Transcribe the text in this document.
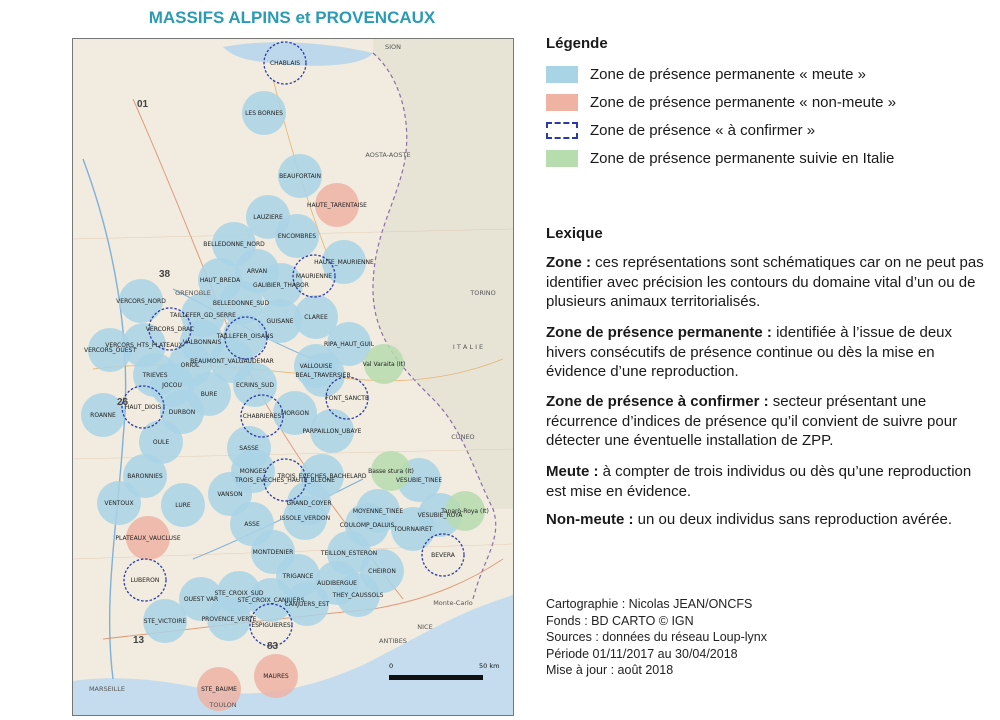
MASSIFS ALPINS et PROVENCAUX
LES BORNES
BEAUFORTAIN
LAUZIERE
ENCOMBRES
BELLEDONNE_NORD
HAUTE_MAURIENNE
HAUT_BREDA
ARVAN
GALIBIER_THABOR
BELLEDONNE_SUD
VERCORS_NORD
TAILLEFER_GD_SERRE
GUISANE
CLAREE
VERCORS_HTS_PLATEAUX VALBONNAIS
TAILLEFER_OISANS
VERCORS_OUEST
RIPA_HAUT_GUIL
ORIOL
BEAUMONT_VALGAUDEMAR
VALLOUISE
TRIEVES	BEAL_TRAVERSIER
JOCOU	ECRINS_SUD
BURE
DURBON
ROANNE	MORGON
PARPAILLON_UBAYE
OULE
SASSE
BARONNIES
MONGES
TROIS_EVECHES_BACHELARD
VESUBIE_TINEE
LURE
VANSON
GRAND_COYER
VENTOUX
ASSE
ISSOLE_VERDON
MOYENNE_TINEE
VESUBIE_ROYA
COULOMP_DALUIS
TOURNAIRET
MONTDENIER	TEILLON_ESTERON
CHEIRON
TRIGANCE
AUDIBERGUE
OUEST VAR
STE_CROIX_SUD
STE_CROIX_CANJUERS
CANJUERS_EST
THEY_CAUSSOLS
STE_VICTOIRE	PROVENCE_VERTE
HAUTE_TARENTAISE
PLATEAUX_VAUCLUSE
STE_BAUME
MAURES
Val Varaita (It)
Basse stura (It)
Tanarò-Roya (It)
CHABLAIS
MAURIENNE
VERCORS_DRAC
HAUT_DIOIS
CHABRIERES
FONT_SANCTE
TROIS_EVECHES_HAUTE_BLEONE
BEVERA
LUBERON
ESPIGUIERES
SION
AOSTA-AOSTE
TORINO
CUNEO
GRENOBLE
NICE
ANTIBES
Monte-Carlo
MARSEILLE
TOULON
I T A L I E
01
38
26
13
83
0	50 km
Légende
Zone de présence permanente « meute »
Zone de présence permanente « non-meute »
Zone de présence « à confirmer »
Zone de présence permanente suivie en Italie
Lexique
Zone : ces représentations sont schématiques car on ne peut pas identifier avec précision les contours du domaine vital d’un ou de plusieurs animaux territorialisés.
Zone de présence permanente : identifiée à l’issue de deux hivers consécutifs de présence continue ou dès la mise en évidence d’une reproduction.
Zone de présence à confirmer : secteur présentant une récurrence d’indices de présence qu’il convient de suivre pour détecter une éventuelle installation de ZPP.
Meute : à compter de trois individus ou dès qu’une reproduction est mise en évidence.
Non-meute : un ou deux individus sans reproduction avérée.
Cartographie : Nicolas JEAN/ONCFS
Fonds : BD CARTO © IGN
Sources : données du réseau Loup-lynx
Période 01/11/2017 au 30/04/2018
Mise à jour : août 2018
